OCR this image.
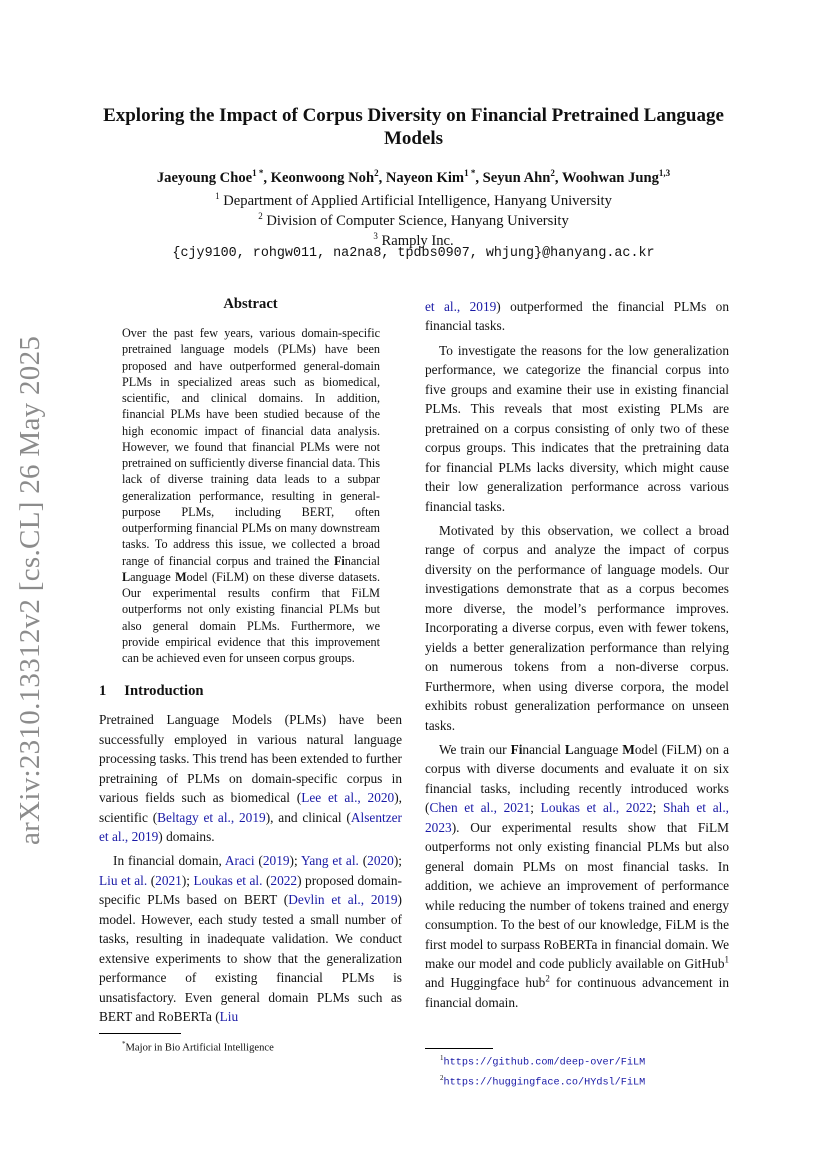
arXiv:2310.13312v2 [cs.CL] 26 May 2025
Exploring the Impact of Corpus Diversity on Financial Pretrained Language Models
Jaeyoung Choe$^{1 *}$, Keonwoong Noh$^2$, Nayeon Kim$^{1 *}$, Seyun Ahn$^2$, Woohwan Jung$^{1,3}$
$^1$ Department of Applied Artificial Intelligence, Hanyang University
$^2$ Division of Computer Science, Hanyang University
$^3$ Ramply Inc.
{cjy9100, rohgw011, na2na8, tpdbs0907, whjung}@hanyang.ac.kr
Abstract
Over the past few years, various domain-specific pretrained language models (PLMs) have been proposed and have outperformed general-domain PLMs in specialized areas such as biomedical, scientific, and clinical domains. In addition, financial PLMs have been studied because of the high economic impact of financial data analysis. However, we found that financial PLMs were not pretrained on sufficiently diverse financial data. This lack of diverse training data leads to a subpar generalization performance, resulting in general-purpose PLMs, including BERT, often outperforming financial PLMs on many downstream tasks. To address this issue, we collected a broad range of financial corpus and trained the Financial Language Model (FiLM) on these diverse datasets. Our experimental results confirm that FiLM outperforms not only existing financial PLMs but also general domain PLMs. Furthermore, we provide empirical evidence that this improvement can be achieved even for unseen corpus groups.
1 Introduction

Pretrained Language Models (PLMs) have been successfully employed in various natural language processing tasks. This trend has been extended to further pretraining of PLMs on domain-specific corpus in various fields such as biomedical (Lee et al., 2020), scientific (Beltagy et al., 2019), and clinical (Alsentzer et al., 2019) domains.

In financial domain, Araci (2019); Yang et al. (2020); Liu et al. (2021); Loukas et al. (2022) proposed domain-specific PLMs based on BERT (Devlin et al., 2019) model. However, each study tested a small number of tasks, resulting in inadequate validation. We conduct extensive experiments to show that the generalization performance of existing financial PLMs is unsatisfactory. Even general domain PLMs such as BERT and RoBERTa (Liu

*Major in Bio Artificial Intelligence

et al., 2019) outperformed the financial PLMs on financial tasks.

To investigate the reasons for the low generalization performance, we categorize the financial corpus into five groups and examine their use in existing financial PLMs. This reveals that most existing PLMs are pretrained on a corpus consisting of only two of these corpus groups. This indicates that the pretraining data for financial PLMs lacks diversity, which might cause their low generalization performance across various financial tasks.

Motivated by this observation, we collect a broad range of corpus and analyze the impact of corpus diversity on the performance of language models. Our investigations demonstrate that as a corpus becomes more diverse, the model’s performance improves. Incorporating a diverse corpus, even with fewer tokens, yields a better generalization performance than relying on numerous tokens from a non-diverse corpus. Furthermore, when using diverse corpora, the model exhibits robust generalization performance on unseen tasks.

We train our Financial Language Model (FiLM) on a corpus with diverse documents and evaluate it on six financial tasks, including recently introduced works (Chen et al., 2021; Loukas et al., 2022; Shah et al., 2023). Our experimental results show that FiLM outperforms not only existing financial PLMs but also general domain PLMs on most financial tasks. In addition, we achieve an improvement of performance while reducing the number of tokens trained and energy consumption. To the best of our knowledge, FiLM is the first model to surpass RoBERTa in financial domain. We make our model and code publicly available on GitHub$^1$ and Huggingface hub$^2$ for continuous advancement in financial domain.

$^1$https://github.com/deep-over/FiLM
$^2$https://huggingface.co/HYdsl/FiLM
